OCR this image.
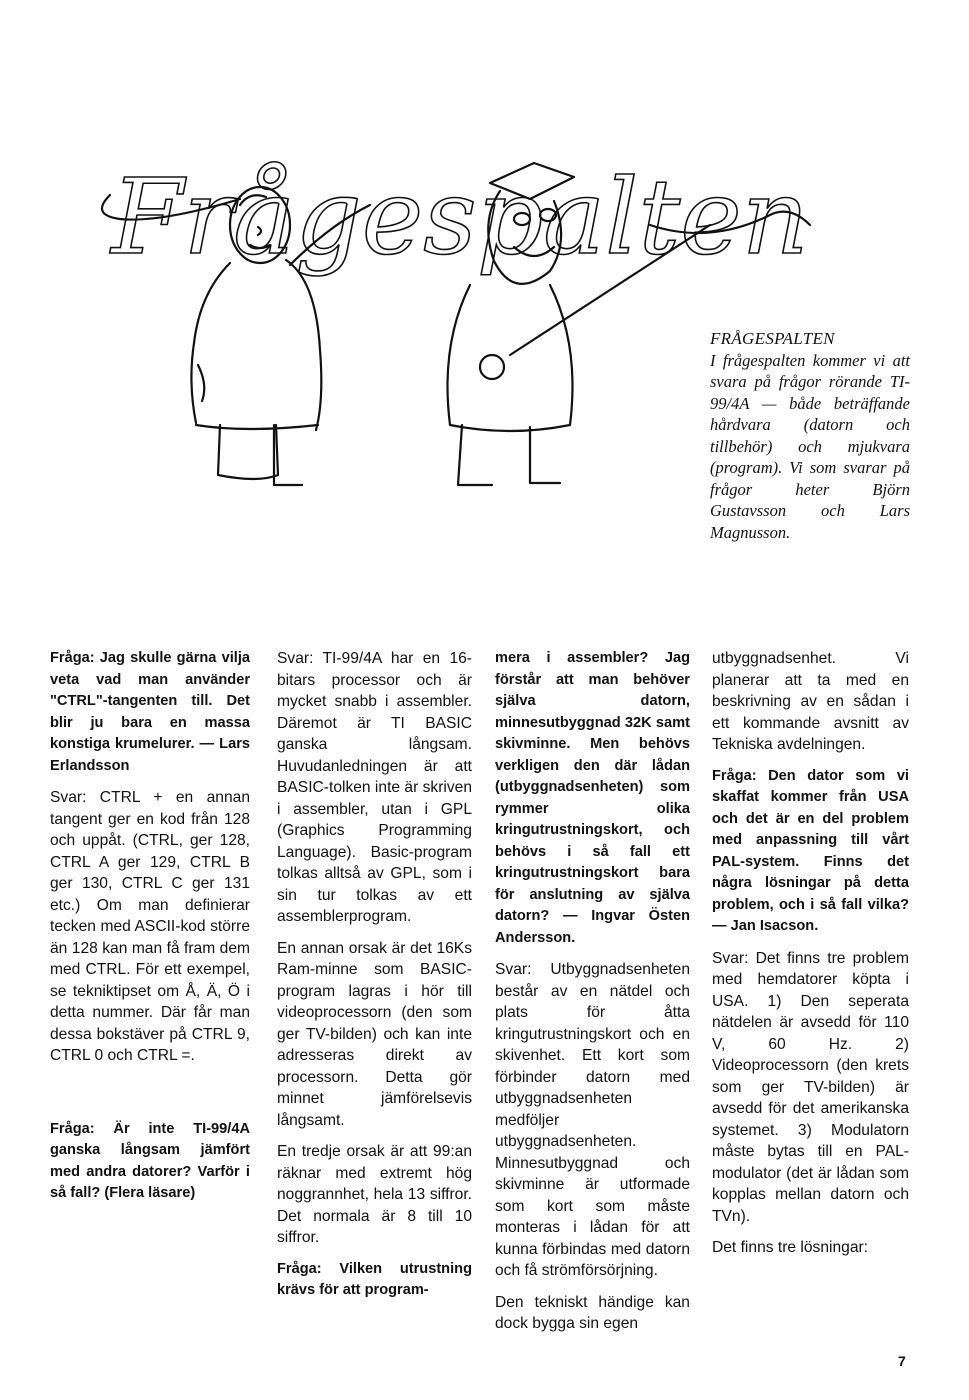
Frågespalten
FRÅGESPALTEN
I frågespalten kommer vi att svara på frågor rörande TI-99/4A — både beträffande hårdvara (datorn och tillbehör) och mjukvara (program). Vi som svarar på frågor heter Björn Gustavsson och Lars Magnusson.

Fråga: Jag skulle gärna vilja veta vad man använder "CTRL"-tangenten till. Det blir ju bara en massa konstiga krumelurer. — Lars Erlandsson

Svar: CTRL + en annan tangent ger en kod från 128 och uppåt. (CTRL, ger 128, CTRL A ger 129, CTRL B ger 130, CTRL C ger 131 etc.) Om man definierar tecken med ASCII-kod större än 128 kan man få fram dem med CTRL. För ett exempel, se tekniktipset om Å, Ä, Ö i detta nummer. Där får man dessa bokstäver på CTRL 9, CTRL 0 och CTRL =.

Fråga: Är inte TI-99/4A ganska långsam jämfört med andra datorer? Varför i så fall? (Flera läsare)

Svar: TI-99/4A har en 16-bitars processor och är mycket snabb i assembler. Däremot är TI BASIC ganska långsam. Huvudanledningen är att BASIC-tolken inte är skriven i assembler, utan i GPL (Graphics Programming Language). Basic-program tolkas alltså av GPL, som i sin tur tolkas av ett assemblerprogram.

En annan orsak är det 16Ks Ram-minne som BASIC-program lagras i hör till videoprocessorn (den som ger TV-bilden) och kan inte adresseras direkt av processorn. Detta gör minnet jämförelsevis långsamt.

En tredje orsak är att 99:an räknar med extremt hög noggrannhet, hela 13 siffror. Det normala är 8 till 10 siffror.

Fråga: Vilken utrustning krävs för att program-

mera i assembler? Jag förstår att man behöver själva datorn, minnesutbyggnad 32K samt skivminne. Men behövs verkligen den där lådan (utbyggnadsenheten) som rymmer olika kringutrustningskort, och behövs i så fall ett kringutrustningskort bara för anslutning av själva datorn? — Ingvar Östen Andersson.

Svar: Utbyggnadsenheten består av en nätdel och plats för åtta kringutrustningskort och en skivenhet. Ett kort som förbinder datorn med utbyggnadsenheten medföljer utbyggnadsenheten. Minnesutbyggnad och skivminne är utformade som kort som måste monteras i lådan för att kunna förbindas med datorn och få strömförsörjning.

Den tekniskt händige kan dock bygga sin egen

utbyggnadsenhet. Vi planerar att ta med en beskrivning av en sådan i ett kommande avsnitt av Tekniska avdelningen.

Fråga: Den dator som vi skaffat kommer från USA och det är en del problem med anpassning till vårt PAL-system. Finns det några lösningar på detta problem, och i så fall vilka? — Jan Isacson.

Svar: Det finns tre problem med hemdatorer köpta i USA. 1) Den seperata nätdelen är avsedd för 110 V, 60 Hz. 2) Videoprocessorn (den krets som ger TV-bilden) är avsedd för det amerikanska systemet. 3) Modulatorn måste bytas till en PAL-modulator (det är lådan som kopplas mellan datorn och TVn).

Det finns tre lösningar:

7
